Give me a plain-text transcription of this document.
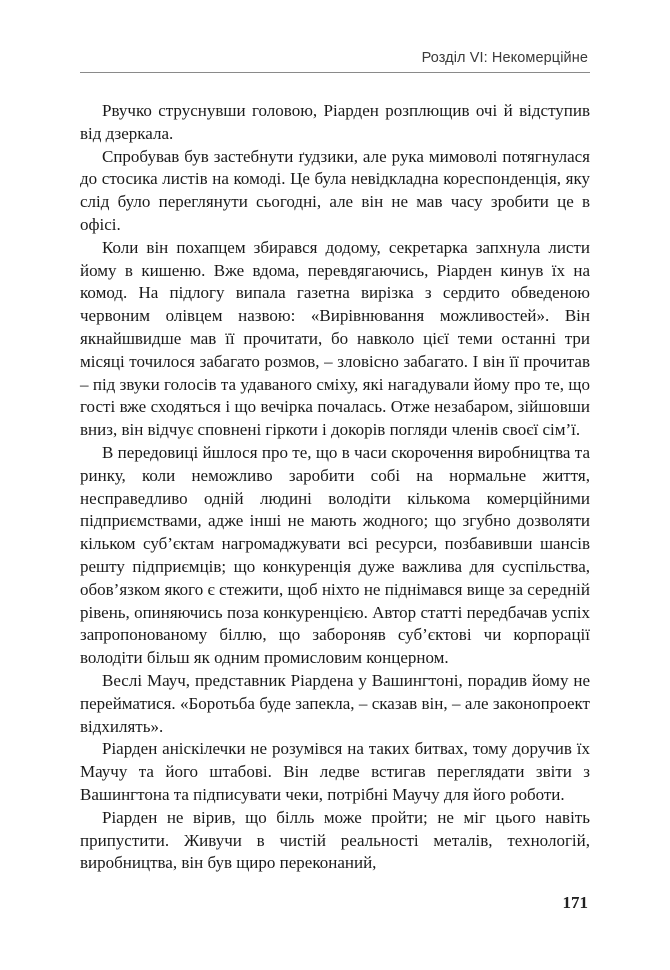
Розділ VI: Некомерційне

Рвучко струснувши головою, Ріарден розплющив очі й відступив від дзеркала.

Спробував був застебнути ґудзики, але рука мимоволі потягнулася до стосика листів на комоді. Це була невідкладна кореспонденція, яку слід було переглянути сьогодні, але він не мав часу зробити це в офісі.

Коли він похапцем збирався додому, секретарка запхнула листи йому в кишеню. Вже вдома, перевдягаючись, Ріарден кинув їх на комод. На підлогу випала газетна вирізка з сердито обведеною червоним олівцем назвою: «Вирівнювання можливостей». Він якнайшвидше мав її прочитати, бо навколо цієї теми останні три місяці точилося забагато розмов, – зловісно забагато. І він її прочитав – під звуки голосів та удаваного сміху, які нагадували йому про те, що гості вже сходяться і що вечірка почалась. Отже незабаром, зійшовши вниз, він відчує сповнені гіркоти і докорів погляди членів своєї сім’ї.

В передовиці йшлося про те, що в часи скорочення виробництва та ринку, коли неможливо заробити собі на нормальне життя, несправедливо одній людині володіти кількома комерційними підприємствами, адже інші не мають жодного; що згубно дозволяти кільком суб’єктам нагромаджувати всі ресурси, позбавивши шансів решту підприємців; що конкуренція дуже важлива для суспільства, обов’язком якого є стежити, щоб ніхто не піднімався вище за середній рівень, опиняючись поза конкуренцією. Автор статті передбачав успіх запропонованому біллю, що забороняв суб’єктові чи корпорації володіти більш як одним промисловим концерном.

Веслі Мауч, представник Ріардена у Вашингтоні, порадив йому не перейматися. «Боротьба буде запекла, – сказав він, – але законопроект відхилять».

Ріарден аніскілечки не розумівся на таких битвах, тому доручив їх Маучу та його штабові. Він ледве встигав переглядати звіти з Вашингтона та підписувати чеки, потрібні Маучу для його роботи.

Ріарден не вірив, що білль може пройти; не міг цього навіть припустити. Живучи в чистій реальності металів, технологій, виробництва, він був щиро переконаний,

171
